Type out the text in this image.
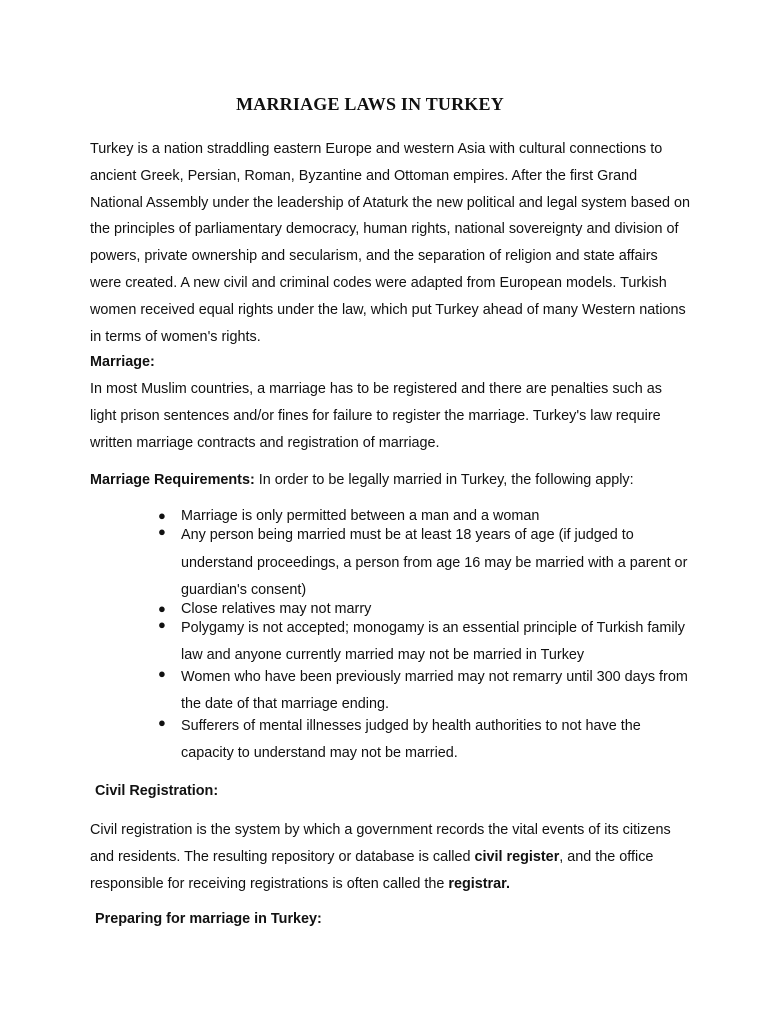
MARRIAGE LAWS IN TURKEY

Turkey is a nation straddling eastern Europe and western Asia with cultural connections to ancient Greek, Persian, Roman, Byzantine and Ottoman empires. After the first Grand National Assembly under the leadership of Ataturk the new political and legal system based on the principles of parliamentary democracy, human rights, national sovereignty and division of powers, private ownership and secularism, and the separation of religion and state affairs were created. A new civil and criminal codes were adapted from European models. Turkish women received equal rights under the law, which put Turkey ahead of many Western nations in terms of women's rights.

Marriage:

In most Muslim countries, a marriage has to be registered and there are penalties such as light prison sentences and/or fines for failure to register the marriage. Turkey's law require written marriage contracts and registration of marriage.

Marriage Requirements: In order to be legally married in Turkey, the following apply:

● Marriage is only permitted between a man and a woman
● Any person being married must be at least 18 years of age (if judged to understand proceedings, a person from age 16 may be married with a parent or guardian's consent)
● Close relatives may not marry
● Polygamy is not accepted; monogamy is an essential principle of Turkish family law and anyone currently married may not be married in Turkey
● Women who have been previously married may not remarry until 300 days from the date of that marriage ending.
● Sufferers of mental illnesses judged by health authorities to not have the capacity to understand may not be married.
Civil Registration:

Civil registration is the system by which a government records the vital events of its citizens and residents. The resulting repository or database is called civil register, and the office responsible for receiving registrations is often called the registrar.

Preparing for marriage in Turkey:
